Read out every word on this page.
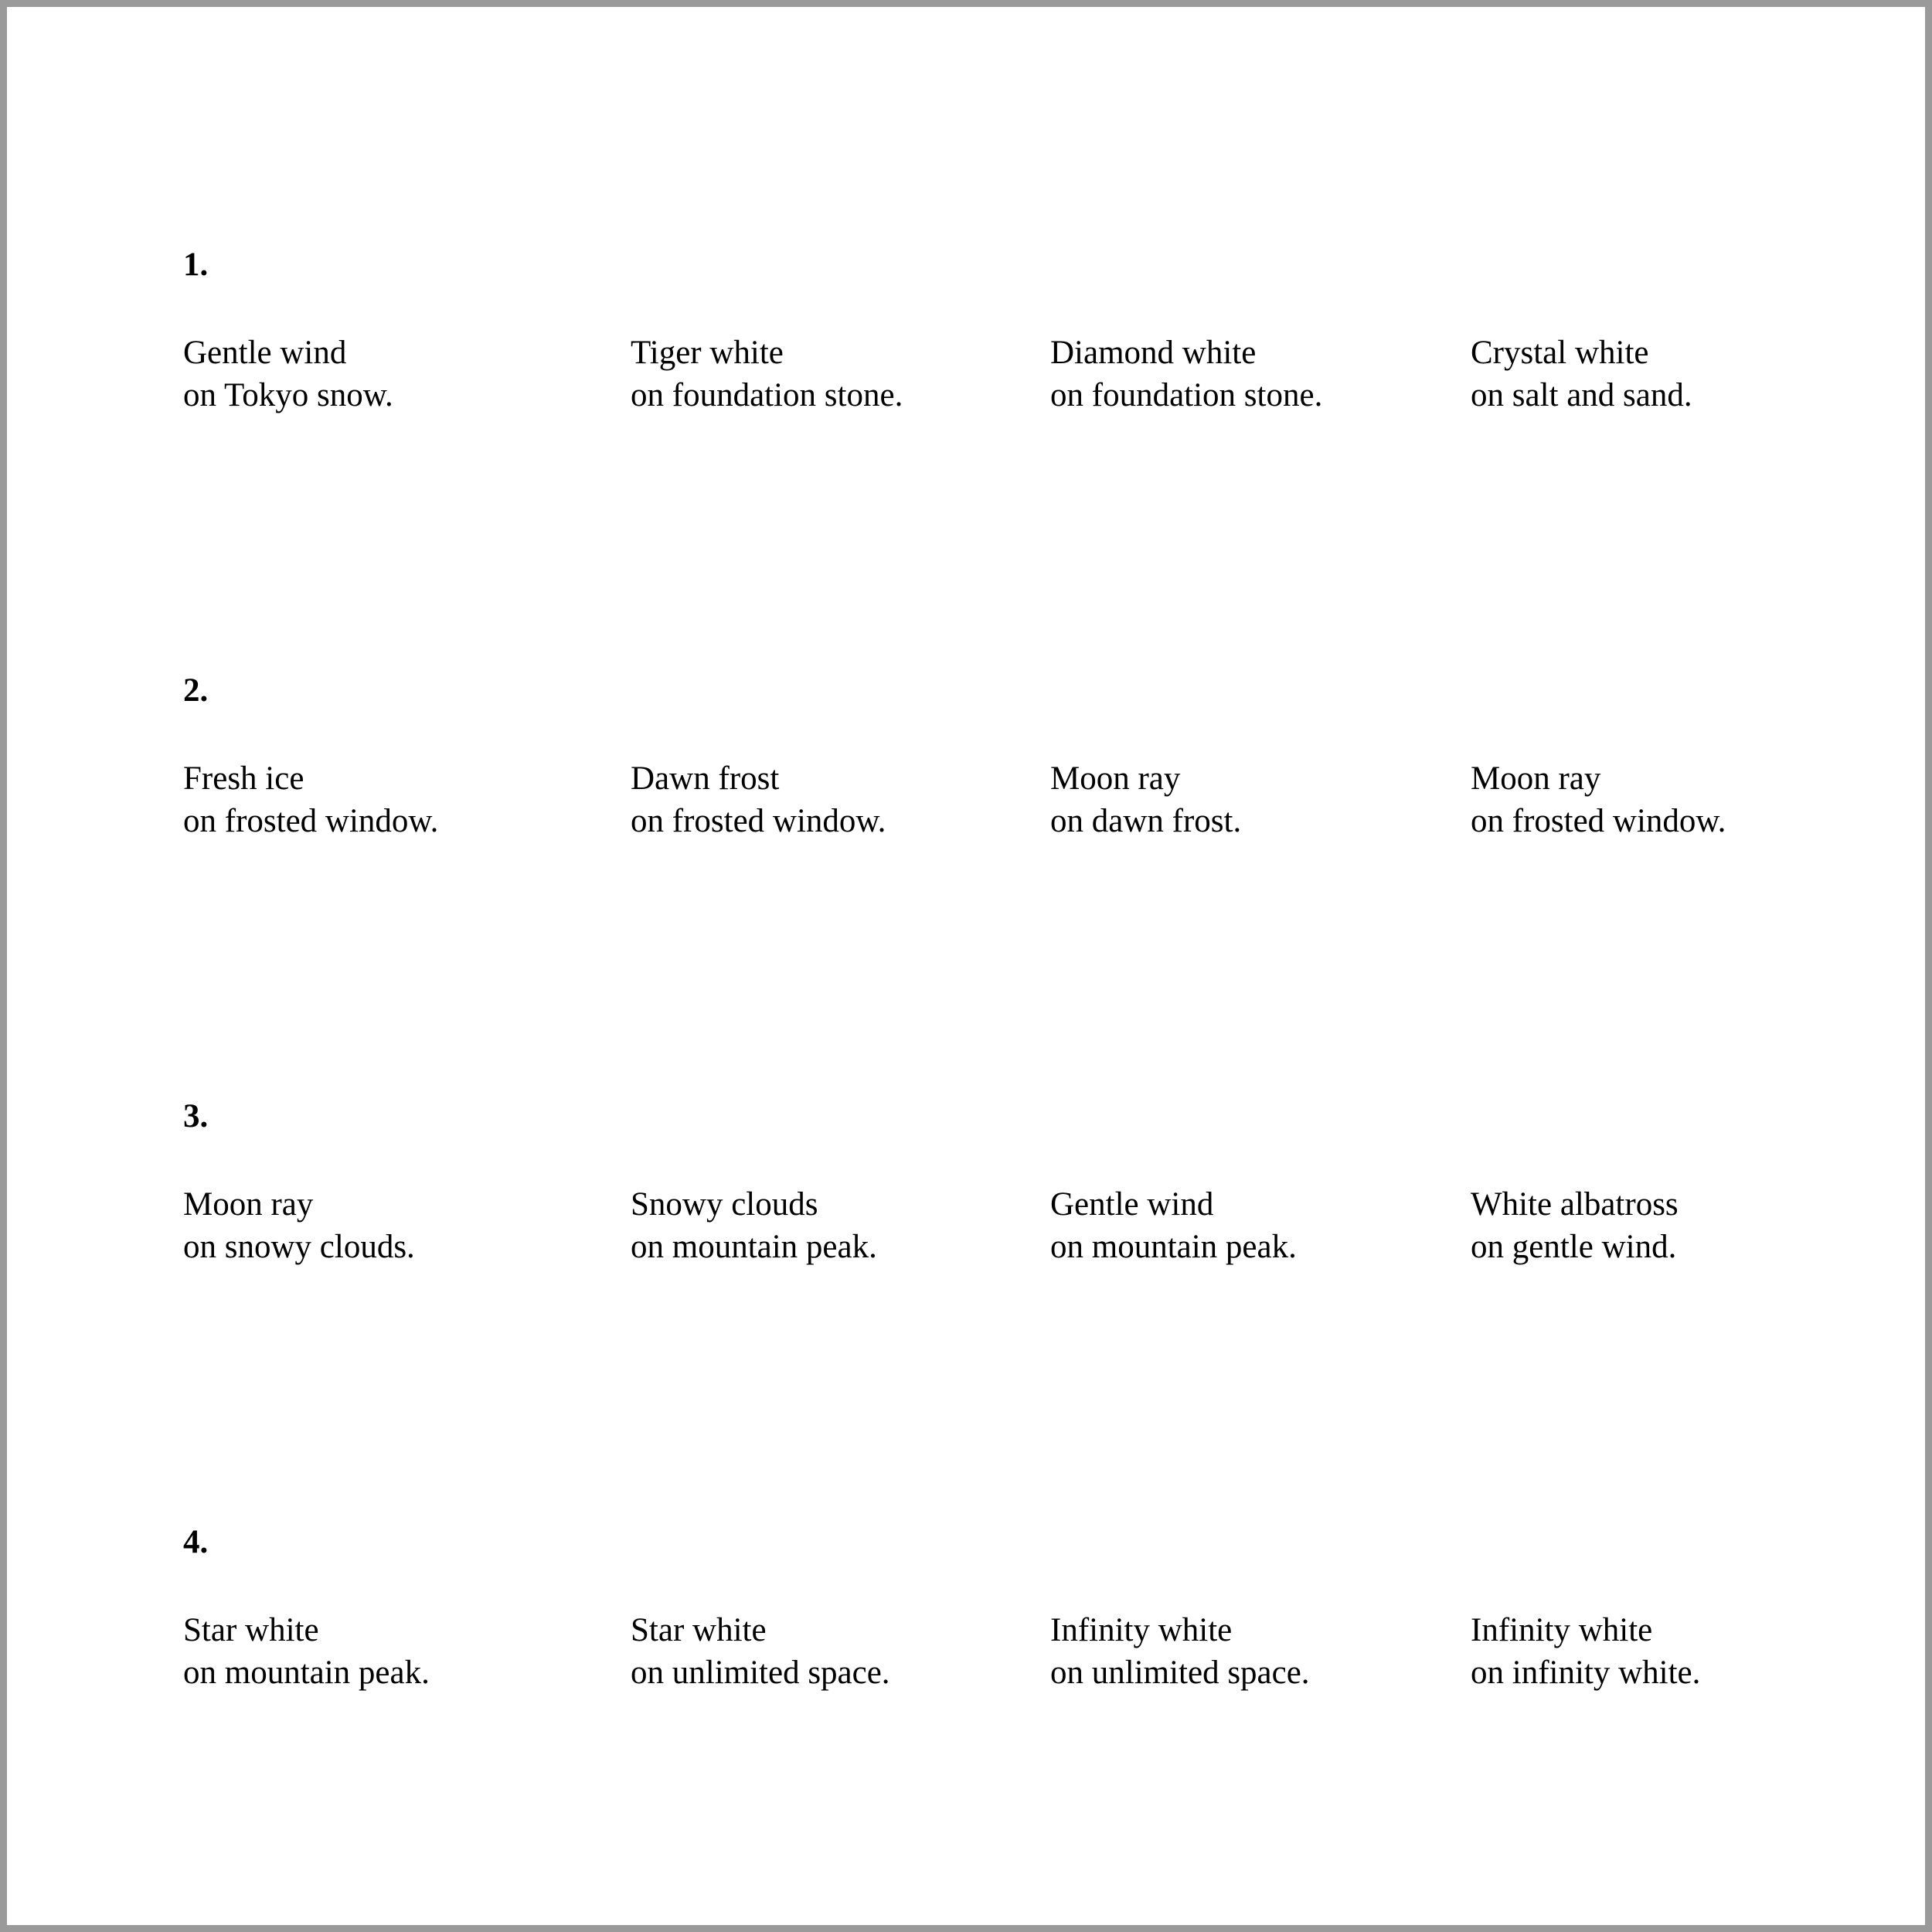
1.
Gentle wind
on Tokyo snow.
Tiger white
on foundation stone.
Diamond white
on foundation stone.
Crystal white
on salt and sand.
2.
Fresh ice
on frosted window.
Dawn frost
on frosted window.
Moon ray
on dawn frost.
Moon ray
on frosted window.
3.
Moon ray
on snowy clouds.
Snowy clouds
on mountain peak.
Gentle wind
on mountain peak.
White albatross
on gentle wind.
4.
Star white
on mountain peak.
Star white
on unlimited space.
Infinity white
on unlimited space.
Infinity white
on infinity white.
